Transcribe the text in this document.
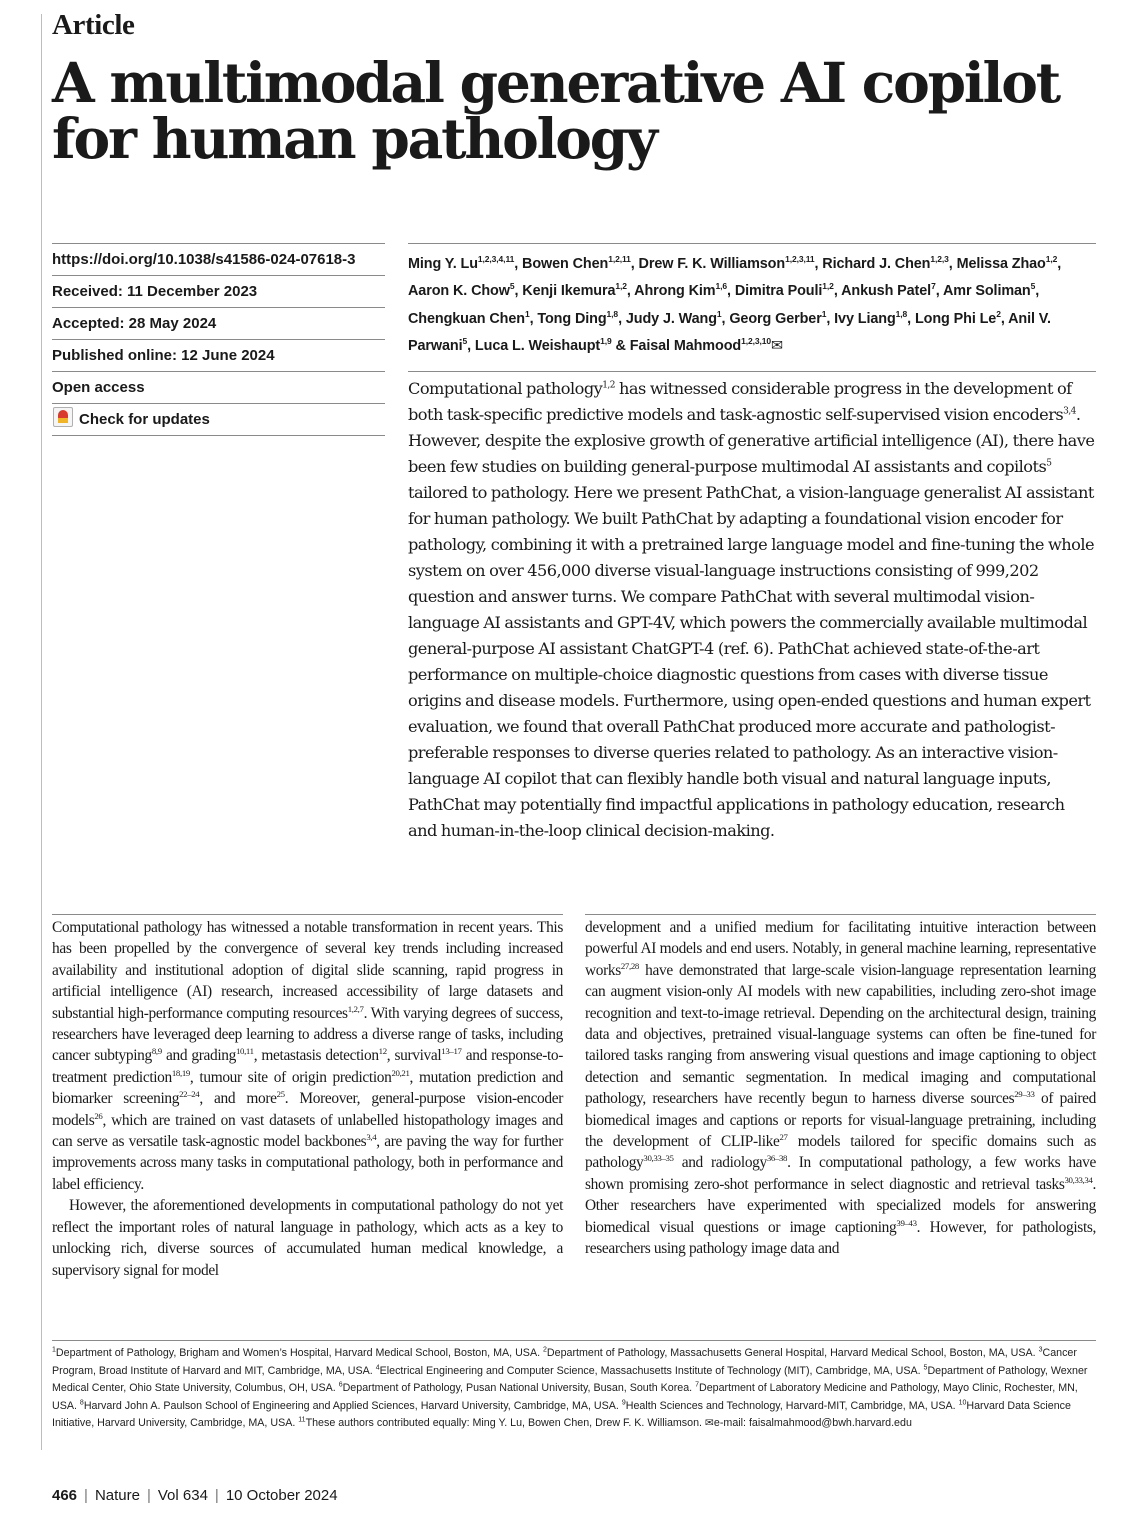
Article
A multimodal generative AI copilot for human pathology
https://doi.org/10.1038/s41586-024-07618-3
Received: 11 December 2023
Accepted: 28 May 2024
Published online: 12 June 2024
Open access
Check for updates
Ming Y. Lu$^{1,2,3,4,11}$, Bowen Chen$^{1,2,11}$, Drew F. K. Williamson$^{1,2,3,11}$, Richard J. Chen$^{1,2,3}$, Melissa Zhao$^{1,2}$, Aaron K. Chow$^5$, Kenji Ikemura$^{1,2}$, Ahrong Kim$^{1,6}$, Dimitra Pouli$^{1,2}$, Ankush Patel$^7$, Amr Soliman$^5$, Chengkuan Chen$^1$, Tong Ding$^{1,8}$, Judy J. Wang$^1$, Georg Gerber$^1$, Ivy Liang$^{1,8}$, Long Phi Le$^2$, Anil V. Parwani$^5$, Luca L. Weishaupt$^{1,9}$ & Faisal Mahmood$^{1,2,3,10}$✉

Computational pathology$^{1,2}$ has witnessed considerable progress in the development of both task-specific predictive models and task-agnostic self-supervised vision encoders$^{3,4}$. However, despite the explosive growth of generative artificial intelligence (AI), there have been few studies on building general-purpose multimodal AI assistants and copilots$^5$ tailored to pathology. Here we present PathChat, a vision-language generalist AI assistant for human pathology. We built PathChat by adapting a foundational vision encoder for pathology, combining it with a pretrained large language model and fine-tuning the whole system on over 456,000 diverse visual-language instructions consisting of 999,202 question and answer turns. We compare PathChat with several multimodal vision-language AI assistants and GPT-4V, which powers the commercially available multimodal general-purpose AI assistant ChatGPT-4 (ref. 6). PathChat achieved state-of-the-art performance on multiple-choice diagnostic questions from cases with diverse tissue origins and disease models. Furthermore, using open-ended questions and human expert evaluation, we found that overall PathChat produced more accurate and pathologist-preferable responses to diverse queries related to pathology. As an interactive vision-language AI copilot that can flexibly handle both visual and natural language inputs, PathChat may potentially find impactful applications in pathology education, research and human-in-the-loop clinical decision-making.

Computational pathology has witnessed a notable transformation in recent years. This has been propelled by the convergence of several key trends including increased availability and institutional adoption of digital slide scanning, rapid progress in artificial intelligence (AI) research, increased accessibility of large datasets and substantial high-performance computing resources$^{1,2,7}$. With varying degrees of success, researchers have leveraged deep learning to address a diverse range of tasks, including cancer subtyping$^{8,9}$ and grading$^{10,11}$, metastasis detection$^{12}$, survival$^{13-17}$ and response-to-treatment prediction$^{18,19}$, tumour site of origin prediction$^{20,21}$, mutation prediction and biomarker screening$^{22-24}$, and more$^{25}$. Moreover, general-purpose vision-encoder models$^{26}$, which are trained on vast datasets of unlabelled histopathology images and can serve as versatile task-agnostic model backbones$^{3,4}$, are paving the way for further improvements across many tasks in computational pathology, both in performance and label efficiency.

However, the aforementioned developments in computational pathology do not yet reflect the important roles of natural language in pathology, which acts as a key to unlocking rich, diverse sources of accumulated human medical knowledge, a supervisory signal for model

development and a unified medium for facilitating intuitive interaction between powerful AI models and end users. Notably, in general machine learning, representative works$^{27,28}$ have demonstrated that large-scale vision-language representation learning can augment vision-only AI models with new capabilities, including zero-shot image recognition and text-to-image retrieval. Depending on the architectural design, training data and objectives, pretrained visual-language systems can often be fine-tuned for tailored tasks ranging from answering visual questions and image captioning to object detection and semantic segmentation. In medical imaging and computational pathology, researchers have recently begun to harness diverse sources$^{29-33}$ of paired biomedical images and captions or reports for visual-language pretraining, including the development of CLIP-like$^{27}$ models tailored for specific domains such as pathology$^{30,33-35}$ and radiology$^{36-38}$. In computational pathology, a few works have shown promising zero-shot performance in select diagnostic and retrieval tasks$^{30,33,34}$. Other researchers have experimented with specialized models for answering biomedical visual questions or image captioning$^{39-43}$. However, for pathologists, researchers using pathology image data and

$^1$Department of Pathology, Brigham and Women’s Hospital, Harvard Medical School, Boston, MA, USA. $^2$Department of Pathology, Massachusetts General Hospital, Harvard Medical School, Boston, MA, USA. $^3$Cancer Program, Broad Institute of Harvard and MIT, Cambridge, MA, USA. $^4$Electrical Engineering and Computer Science, Massachusetts Institute of Technology (MIT), Cambridge, MA, USA. $^5$Department of Pathology, Wexner Medical Center, Ohio State University, Columbus, OH, USA. $^6$Department of Pathology, Pusan National University, Busan, South Korea. $^7$Department of Laboratory Medicine and Pathology, Mayo Clinic, Rochester, MN, USA. $^8$Harvard John A. Paulson School of Engineering and Applied Sciences, Harvard University, Cambridge, MA, USA. $^9$Health Sciences and Technology, Harvard-MIT, Cambridge, MA, USA. $^{10}$Harvard Data Science Initiative, Harvard University, Cambridge, MA, USA. $^{11}$These authors contributed equally: Ming Y. Lu, Bowen Chen, Drew F. K. Williamson. ✉e-mail: faisalmahmood@bwh.harvard.edu
466 | Nature | Vol 634 | 10 October 2024
